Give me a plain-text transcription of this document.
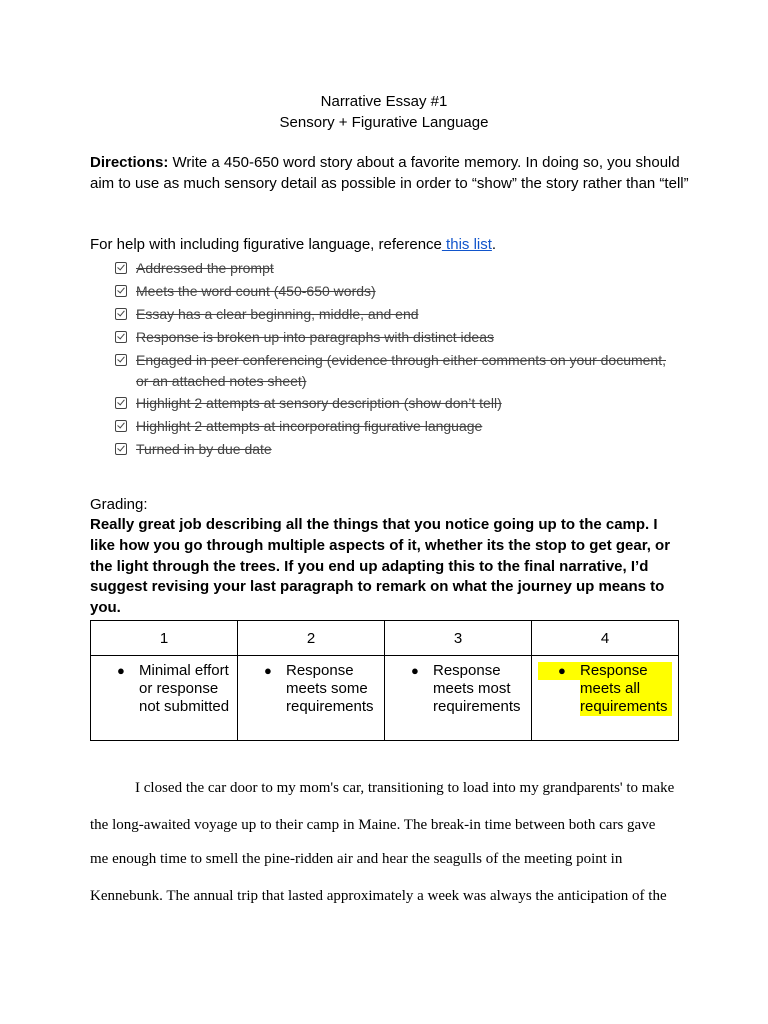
Narrative Essay #1
Sensory + Figurative Language
Directions: Write a 450-650 word story about a favorite memory. In doing so, you should aim to use as much sensory detail as possible in order to “show” the story rather than “tell”
For help with including figurative language, reference this list.
Addressed the prompt
Meets the word count (450-650 words)
Essay has a clear beginning, middle, and end
Response is broken up into paragraphs with distinct ideas
Engaged in peer conferencing (evidence through either comments on your document, or an attached notes sheet)
Highlight 2 attempts at sensory description (show don’t tell)
Highlight 2 attempts at incorporating figurative language
Turned in by due date
Grading:
Really great job describing all the things that you notice going up to the camp. I like how you go through multiple aspects of it, whether its the stop to get gear, or the light through the trees. If you end up adapting this to the final narrative, I’d suggest revising your last paragraph to remark on what the journey up means to you.
1	2	3	4

● Minimal effort or response not submitted	● Response meets some requirements	● Response meets most requirements	● Response meets all requirements
I closed the car door to my mom's car, transitioning to load into my grandparents' to make
the long-awaited voyage up to their camp in Maine. The break-in time between both cars gave
me enough time to smell the pine-ridden air and hear the seagulls of the meeting point in
Kennebunk. The annual trip that lasted approximately a week was always the anticipation of the
